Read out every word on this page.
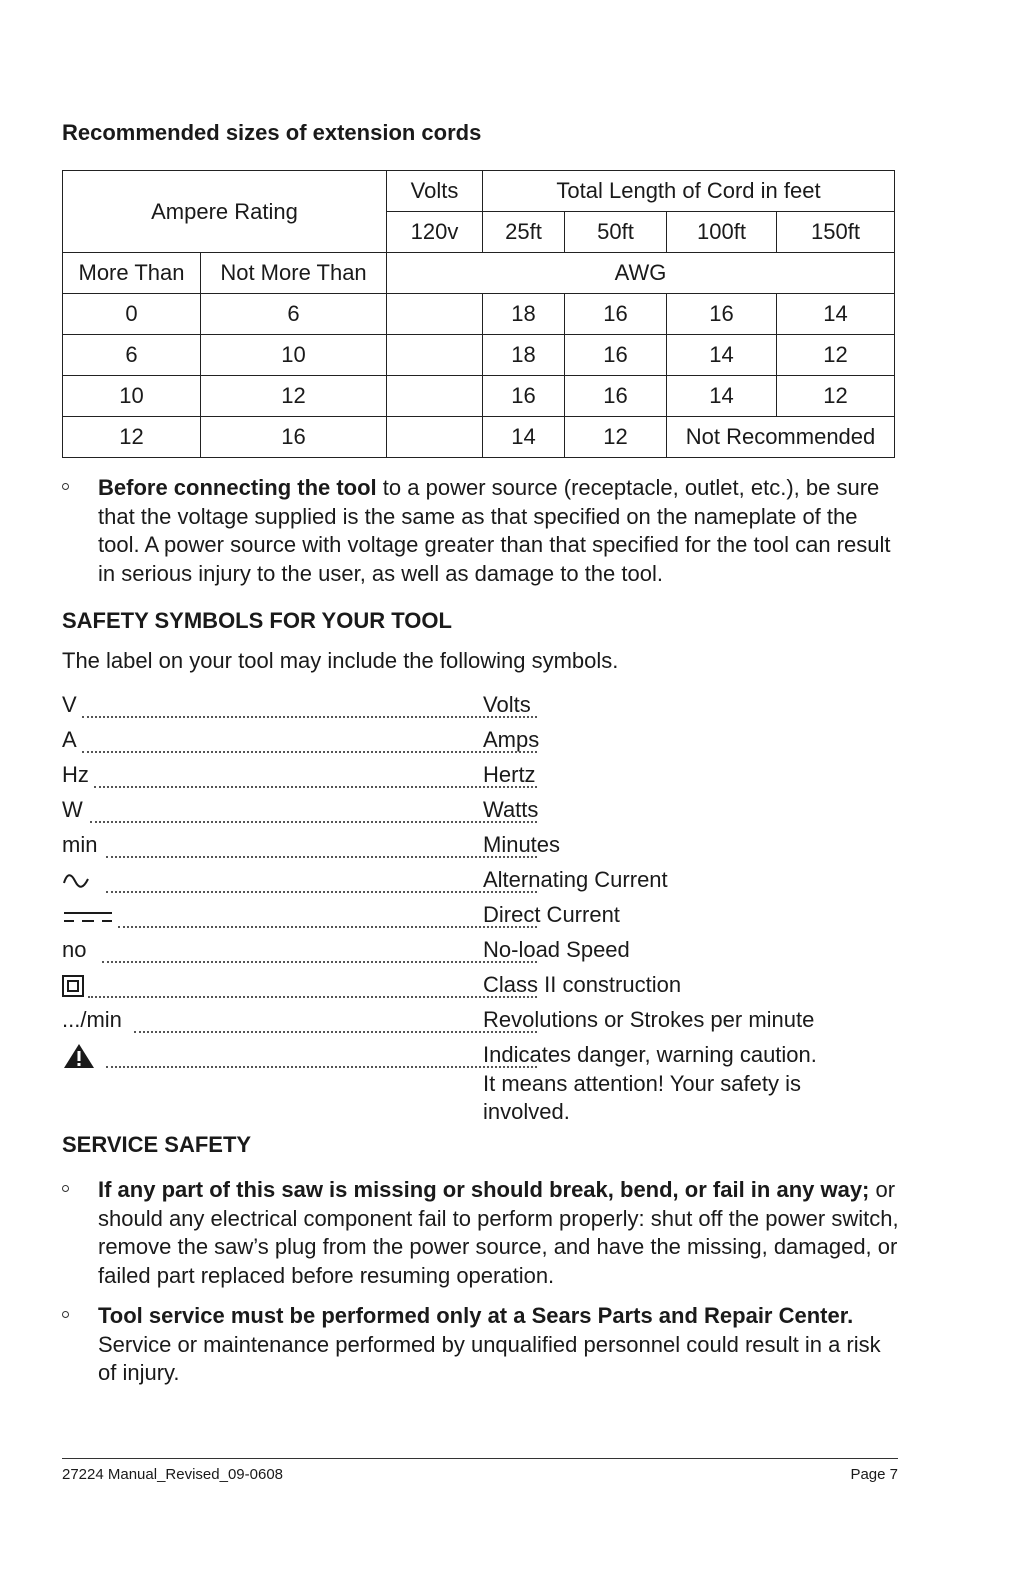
Recommended sizes of extension cords
Ampere Rating		Volts	Total Length of Cord in feet			
		120v	25ft	50ft	100ft	150ft
More Than	Not More Than	AWG				
0	6		18	16	16	14
6	10		18	16	14	12
10	12		16	16	14	12
12	16		14	12	Not Recommended	
Before connecting the tool to a power source (receptacle, outlet, etc.), be sure that the voltage supplied is the same as that specified on the nameplate of the tool. A power source with voltage greater than that specified for the tool can result in serious injury to the user, as well as damage to the tool.
SAFETY SYMBOLS FOR YOUR TOOL
The label on your tool may include the following symbols.
V	Volts
A	Amps
Hz	Hertz
W	Watts
min	Minutes
Alternating Current
Direct Current
no	No-load Speed
Class II construction
.../min	Revolutions or Strokes per minute
Indicates danger, warning caution.
It means attention! Your safety is
involved.
SERVICE SAFETY
If any part of this saw is missing or should break, bend, or fail in any way; or should any electrical component fail to perform properly: shut off the power switch, remove the saw’s plug from the power source, and have the missing, damaged, or failed part replaced before resuming operation.
Tool service must be performed only at a Sears Parts and Repair Center. Service or maintenance performed by unqualified personnel could result in a risk of injury.
27224 Manual_Revised_09-0608	Page 7
